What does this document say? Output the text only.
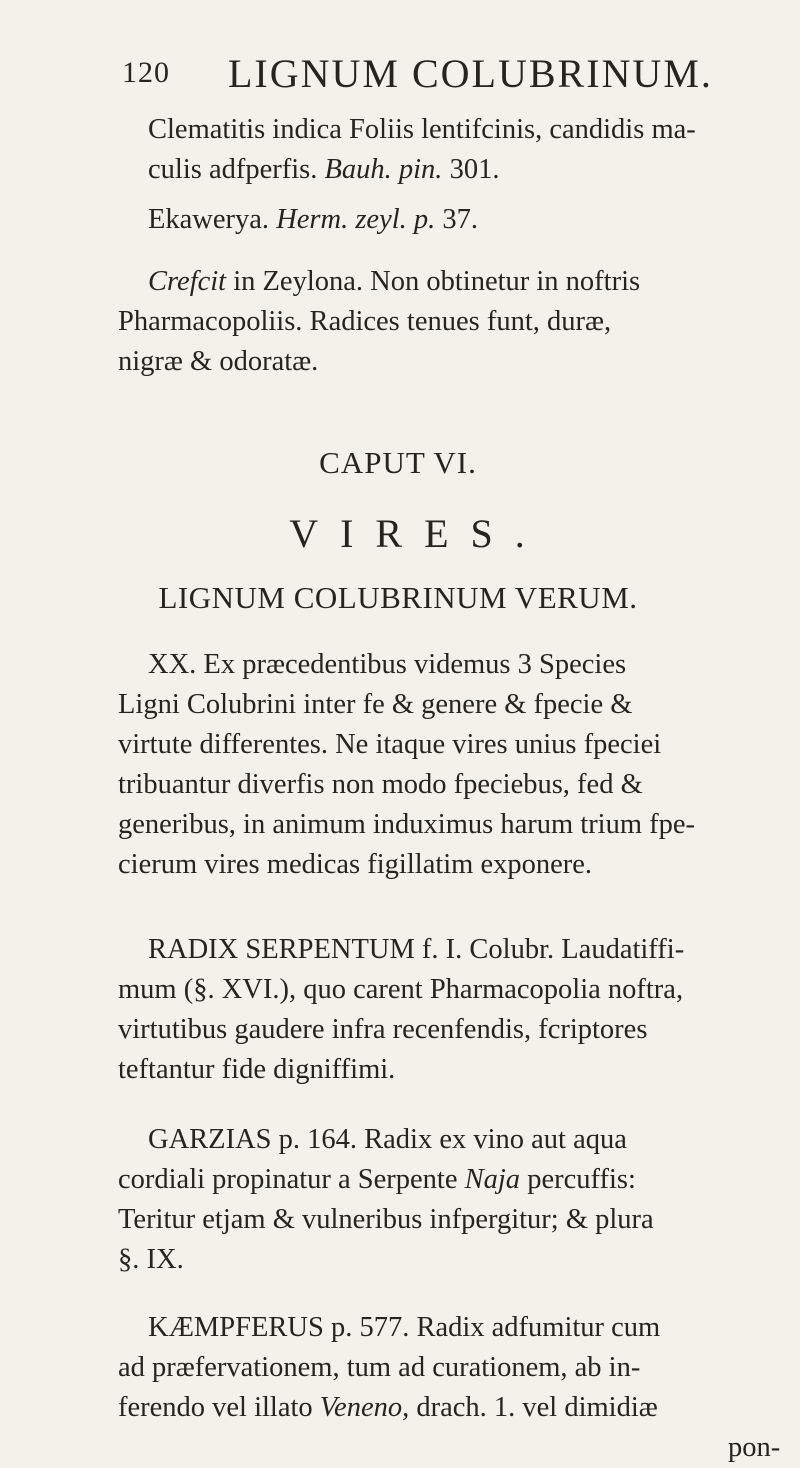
120 LIGNUM COLUBRINUM.

Clematitis indica Foliis lentifcinis, candidis ma-
culis adfperfis. Bauh. pin. 301.

Ekawerya. Herm. zeyl. p. 37.

Crefcit in Zeylona. Non obtinetur in noftris
Pharmacopoliis. Radices tenues funt, duræ,
nigræ & odoratæ.

CAPUT VI.

VIRES.

LIGNUM COLUBRINUM VERUM.

XX. Ex præcedentibus videmus 3 Species
Ligni Colubrini inter fe & genere & fpecie &
virtute differentes. Ne itaque vires unius fpeciei
tribuantur diverfis non modo fpeciebus, fed &
generibus, in animum induximus harum trium fpe-
cierum vires medicas figillatim exponere.

RADIX SERPENTUM f. I. Colubr. Laudatiffi-
mum (§. XVI.), quo carent Pharmacopolia noftra,
virtutibus gaudere infra recenfendis, fcriptores
teftantur fide digniffimi.

GARZIAS p. 164. Radix ex vino aut aqua
cordiali propinatur a Serpente Naja percuffis:
Teritur etjam & vulneribus infpergitur; & plura
§. IX.

KÆMPFERUS p. 577. Radix adfumitur cum
ad præfervationem, tum ad curationem, ab in-
ferendo vel illato Veneno, drach. 1. vel dimidiæ
pon-
